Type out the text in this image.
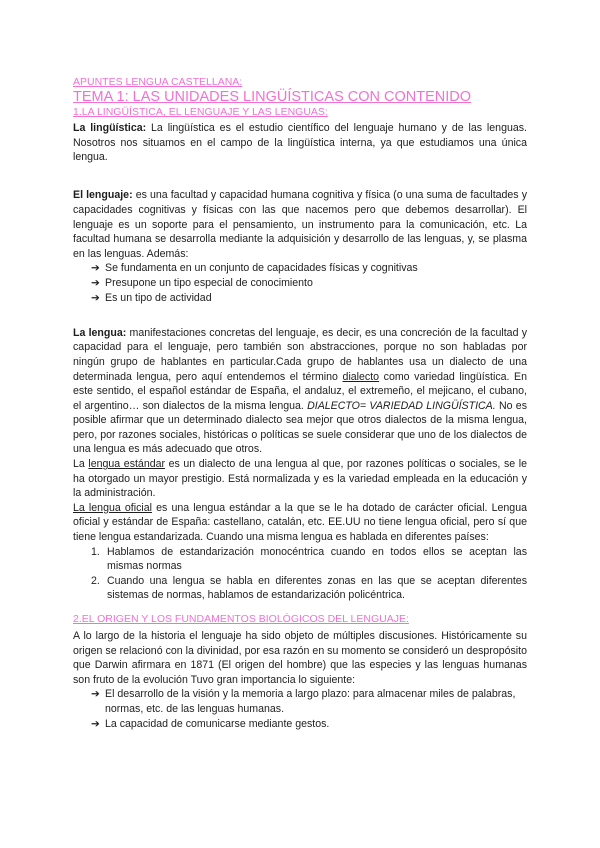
APUNTES LENGUA CASTELLANA:
TEMA 1: LAS UNIDADES LINGÜÍSTICAS CON CONTENIDO
1.LA LINGÜÍSTICA, EL LENGUAJE Y LAS LENGUAS:

La lingüística: La lingüística es el estudio científico del lenguaje humano y de las lenguas. Nosotros nos situamos en el campo de la lingüística interna, ya que estudiamos una única lengua.

El lenguaje: es una facultad y capacidad humana cognitiva y física (o una suma de facultades y capacidades cognitivas y físicas con las que nacemos pero que debemos desarrollar). El lenguaje es un soporte para el pensamiento, un instrumento para la comunicación, etc. La facultad humana se desarrolla mediante la adquisición y desarrollo de las lenguas, y, se plasma en las lenguas. Además:

➔ Se fundamenta en un conjunto de capacidades físicas y cognitivas
➔ Presupone un tipo especial de conocimiento
➔ Es un tipo de actividad

La lengua: manifestaciones concretas del lenguaje, es decir, es una concreción de la facultad y capacidad para el lenguaje, pero también son abstracciones, porque no son habladas por ningún grupo de hablantes en particular.Cada grupo de hablantes usa un dialecto de una determinada lengua, pero aquí entendemos el término dialecto como variedad lingüística. En este sentido, el español estándar de España, el andaluz, el extremeño, el mejicano, el cubano, el argentino… son dialectos de la misma lengua. DIALECTO= VARIEDAD LINGÜÍSTICA. No es posible afirmar que un determinado dialecto sea mejor que otros dialectos de la misma lengua, pero, por razones sociales, históricas o políticas se suele considerar que uno de los dialectos de una lengua es más adecuado que otros.

La lengua estándar es un dialecto de una lengua al que, por razones políticas o sociales, se le ha otorgado un mayor prestigio. Está normalizada y es la variedad empleada en la educación y la administración.

La lengua oficial es una lengua estándar a la que se le ha dotado de carácter oficial. Lengua oficial y estándar de España: castellano, catalán, etc. EE.UU no tiene lengua oficial, pero sí que tiene lengua estandarizada. Cuando una misma lengua es hablada en diferentes países:

1. Hablamos de estandarización monocéntrica cuando en todos ellos se aceptan las mismas normas
2. Cuando una lengua se habla en diferentes zonas en las que se aceptan diferentes sistemas de normas, hablamos de estandarización policéntrica.
2.EL ORIGEN Y LOS FUNDAMENTOS BIOLÓGICOS DEL LENGUAJE:

A lo largo de la historia el lenguaje ha sido objeto de múltiples discusiones. Históricamente su origen se relacionó con la divinidad, por esa razón en su momento se consideró un despropósito que Darwin afirmara en 1871 (El origen del hombre) que las especies y las lenguas humanas son fruto de la evolución Tuvo gran importancia lo siguiente:

➔ El desarrollo de la visión y la memoria a largo plazo: para almacenar miles de palabras, normas, etc. de las lenguas humanas.
➔ La capacidad de comunicarse mediante gestos.
